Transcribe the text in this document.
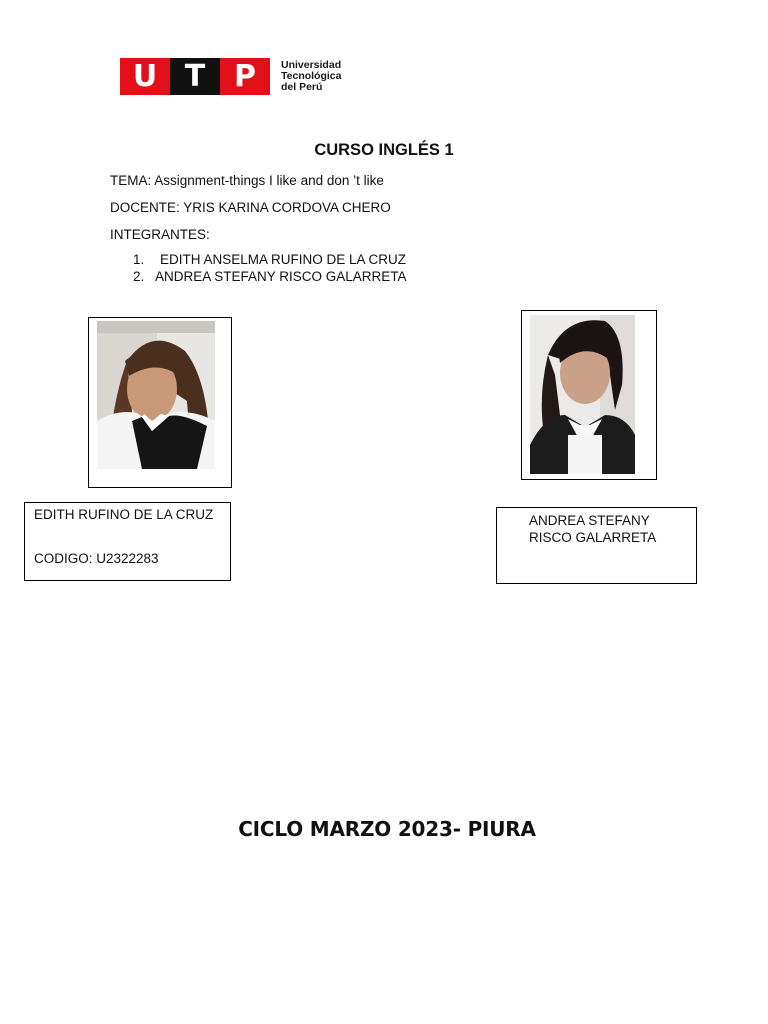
U T P	Universidad
Tecnológica
del Perú
CURSO INGLÉS 1
TEMA: Assignment-things I like and don ’t like
DOCENTE: YRIS KARINA CORDOVA CHERO
INTEGRANTES:
1.	EDITH ANSELMA RUFINO DE LA CRUZ
2. ANDREA STEFANY RISCO GALARRETA
EDITH RUFINO DE LA CRUZ
CODIGO: U2322283
ANDREA STEFANY RISCO GALARRETA
CICLO MARZO 2023- PIURA
